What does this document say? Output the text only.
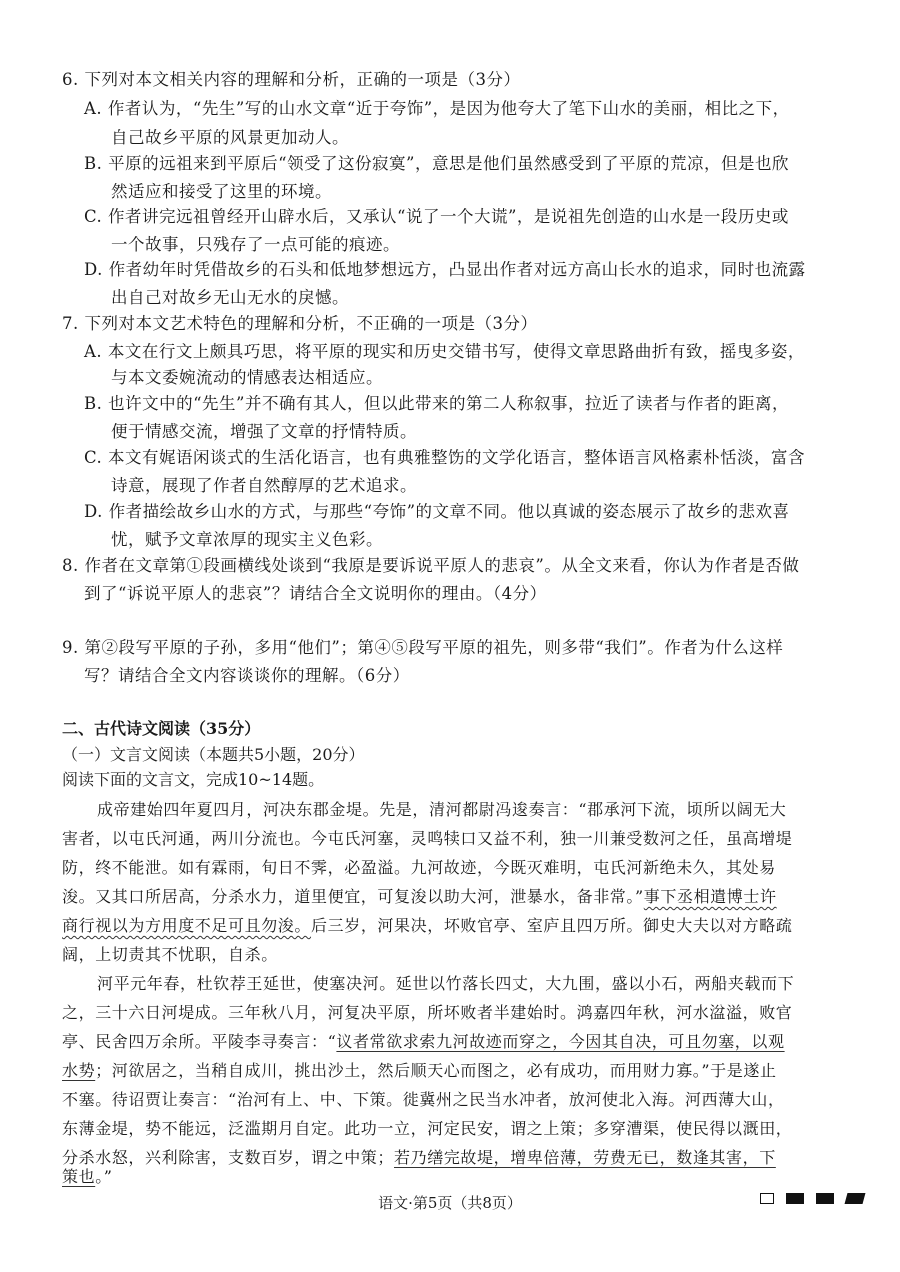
6. 下列对本文相关内容的理解和分析，正确的一项是（3分）
A. 作者认为，“先生”写的山水文章“近于夸饰”，是因为他夸大了笔下山水的美丽，相比之下，
自己故乡平原的风景更加动人。
B. 平原的远祖来到平原后“领受了这份寂寞”，意思是他们虽然感受到了平原的荒凉，但是也欣
然适应和接受了这里的环境。
C. 作者讲完远祖曾经开山辟水后，又承认“说了一个大谎”，是说祖先创造的山水是一段历史或
一个故事，只残存了一点可能的痕迹。
D. 作者幼年时凭借故乡的石头和低地梦想远方，凸显出作者对远方高山长水的追求，同时也流露
出自己对故乡无山无水的戾憾。
7. 下列对本文艺术特色的理解和分析，不正确的一项是（3分）
A. 本文在行文上颇具巧思，将平原的现实和历史交错书写，使得文章思路曲折有致，摇曳多姿，
与本文委婉流动的情感表达相适应。
B. 也许文中的“先生”并不确有其人，但以此带来的第二人称叙事，拉近了读者与作者的距离，
便于情感交流，增强了文章的抒情特质。
C. 本文有娓语闲谈式的生活化语言，也有典雅整饬的文学化语言，整体语言风格素朴恬淡，富含
诗意，展现了作者自然醇厚的艺术追求。
D. 作者描绘故乡山水的方式，与那些“夸饰”的文章不同。他以真诚的姿态展示了故乡的悲欢喜
忧，赋予文章浓厚的现实主义色彩。
8. 作者在文章第①段画横线处谈到“我原是要诉说平原人的悲哀”。从全文来看，你认为作者是否做
到了“诉说平原人的悲哀”？请结合全文说明你的理由。（4分）
9. 第②段写平原的子孙，多用“他们”；第④⑤段写平原的祖先，则多带“我们”。作者为什么这样
写？请结合全文内容谈谈你的理解。（6分）
二、古代诗文阅读（35分）
（一）文言文阅读（本题共5小题，20分）
阅读下面的文言文，完成10~14题。
成帝建始四年夏四月，河决东郡金堤。先是，清河都尉冯逡奏言：“郡承河下流，顷所以阔无大
害者，以屯氏河通，两川分流也。今屯氏河塞，灵鸣犊口又益不利，独一川兼受数河之任，虽高增堤
防，终不能泄。如有霖雨，旬日不霁，必盈溢。九河故迹，今既灭难明，屯氏河新绝未久，其处易
浚。又其口所居高，分杀水力，道里便宜，可复浚以助大河，泄暴水，备非常。”事下丞相遣博士许
商行视以为方用度不足可且勿浚。后三岁，河果决，坏败官亭、室庐且四万所。御史大夫以对方略疏
阔，上切责其不忧职，自杀。
河平元年春，杜钦荐王延世，使塞决河。延世以竹落长四丈，大九围，盛以小石，两船夹载而下
之，三十六日河堤成。三年秋八月，河复决平原，所坏败者半建始时。鸿嘉四年秋，河水湓溢，败官
亭、民舍四万余所。平陵李寻奏言：“议者常欲求索九河故迹而穿之，今因其自决，可且勿塞，以观
水势；河欲居之，当稍自成川，挑出沙土，然后顺天心而图之，必有成功，而用财力寡。”于是遂止
不塞。待诏贾让奏言：“治河有上、中、下策。徙冀州之民当水冲者，放河使北入海。河西薄大山，
东薄金堤，势不能远，泛滥期月自定。此功一立，河定民安，谓之上策；多穿漕渠，使民得以溉田，
分杀水怒，兴利除害，支数百岁，谓之中策；若乃缮完故堤，增卑倍薄，劳费无已，数逢其害，下
策也。”
语文·第5页（共8页）
